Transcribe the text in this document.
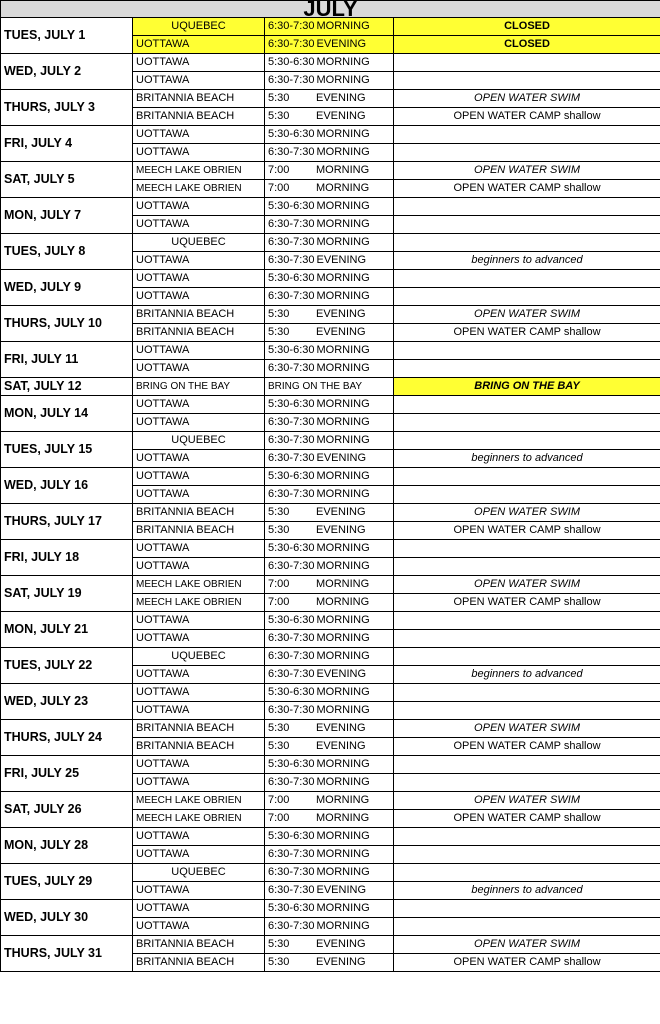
JULY			
TUES, JULY 1	UQUEBEC	6:30-7:30 MORNING	CLOSED
	UOTTAWA	6:30-7:30 EVENING	CLOSED
WED, JULY 2	UOTTAWA	5:30-6:30 MORNING	
	UOTTAWA	6:30-7:30 MORNING	
THURS, JULY 3	BRITANNIA BEACH	5:30 EVENING	OPEN WATER SWIM
	BRITANNIA BEACH	5:30 EVENING	OPEN WATER CAMP shallow
FRI, JULY 4	UOTTAWA	5:30-6:30 MORNING	
	UOTTAWA	6:30-7:30 MORNING	
SAT, JULY 5	MEECH LAKE OBRIEN	7:00 MORNING	OPEN WATER SWIM
	MEECH LAKE OBRIEN	7:00 MORNING	OPEN WATER CAMP shallow
MON, JULY 7	UOTTAWA	5:30-6:30 MORNING	
	UOTTAWA	6:30-7:30 MORNING	
TUES, JULY 8	UQUEBEC	6:30-7:30 MORNING	
	UOTTAWA	6:30-7:30 EVENING	beginners to advanced
WED, JULY 9	UOTTAWA	5:30-6:30 MORNING	
	UOTTAWA	6:30-7:30 MORNING	
THURS, JULY 10	BRITANNIA BEACH	5:30 EVENING	OPEN WATER SWIM
	BRITANNIA BEACH	5:30 EVENING	OPEN WATER CAMP shallow
FRI, JULY 11	UOTTAWA	5:30-6:30 MORNING	
	UOTTAWA	6:30-7:30 MORNING	
SAT, JULY 12	BRING ON THE BAY	BRING ON THE BAY	BRING ON THE BAY
MON, JULY 14	UOTTAWA	5:30-6:30 MORNING	
	UOTTAWA	6:30-7:30 MORNING	
TUES, JULY 15	UQUEBEC	6:30-7:30 MORNING	
	UOTTAWA	6:30-7:30 EVENING	beginners to advanced
WED, JULY 16	UOTTAWA	5:30-6:30 MORNING	
	UOTTAWA	6:30-7:30 MORNING	
THURS, JULY 17	BRITANNIA BEACH	5:30 EVENING	OPEN WATER SWIM
	BRITANNIA BEACH	5:30 EVENING	OPEN WATER CAMP shallow
FRI, JULY 18	UOTTAWA	5:30-6:30 MORNING	
	UOTTAWA	6:30-7:30 MORNING	
SAT, JULY 19	MEECH LAKE OBRIEN	7:00 MORNING	OPEN WATER SWIM
	MEECH LAKE OBRIEN	7:00 MORNING	OPEN WATER CAMP shallow
MON, JULY 21	UOTTAWA	5:30-6:30 MORNING	
	UOTTAWA	6:30-7:30 MORNING	
TUES, JULY 22	UQUEBEC	6:30-7:30 MORNING	
	UOTTAWA	6:30-7:30 EVENING	beginners to advanced
WED, JULY 23	UOTTAWA	5:30-6:30 MORNING	
	UOTTAWA	6:30-7:30 MORNING	
THURS, JULY 24	BRITANNIA BEACH	5:30 EVENING	OPEN WATER SWIM
	BRITANNIA BEACH	5:30 EVENING	OPEN WATER CAMP shallow
FRI, JULY 25	UOTTAWA	5:30-6:30 MORNING	
	UOTTAWA	6:30-7:30 MORNING	
SAT, JULY 26	MEECH LAKE OBRIEN	7:00 MORNING	OPEN WATER SWIM
	MEECH LAKE OBRIEN	7:00 MORNING	OPEN WATER CAMP shallow
MON, JULY 28	UOTTAWA	5:30-6:30 MORNING	
	UOTTAWA	6:30-7:30 MORNING	
TUES, JULY 29	UQUEBEC	6:30-7:30 MORNING	
	UOTTAWA	6:30-7:30 EVENING	beginners to advanced
WED, JULY 30	UOTTAWA	5:30-6:30 MORNING	
	UOTTAWA	6:30-7:30 MORNING	
THURS, JULY 31	BRITANNIA BEACH	5:30 EVENING	OPEN WATER SWIM
	BRITANNIA BEACH	5:30 EVENING	OPEN WATER CAMP shallow
